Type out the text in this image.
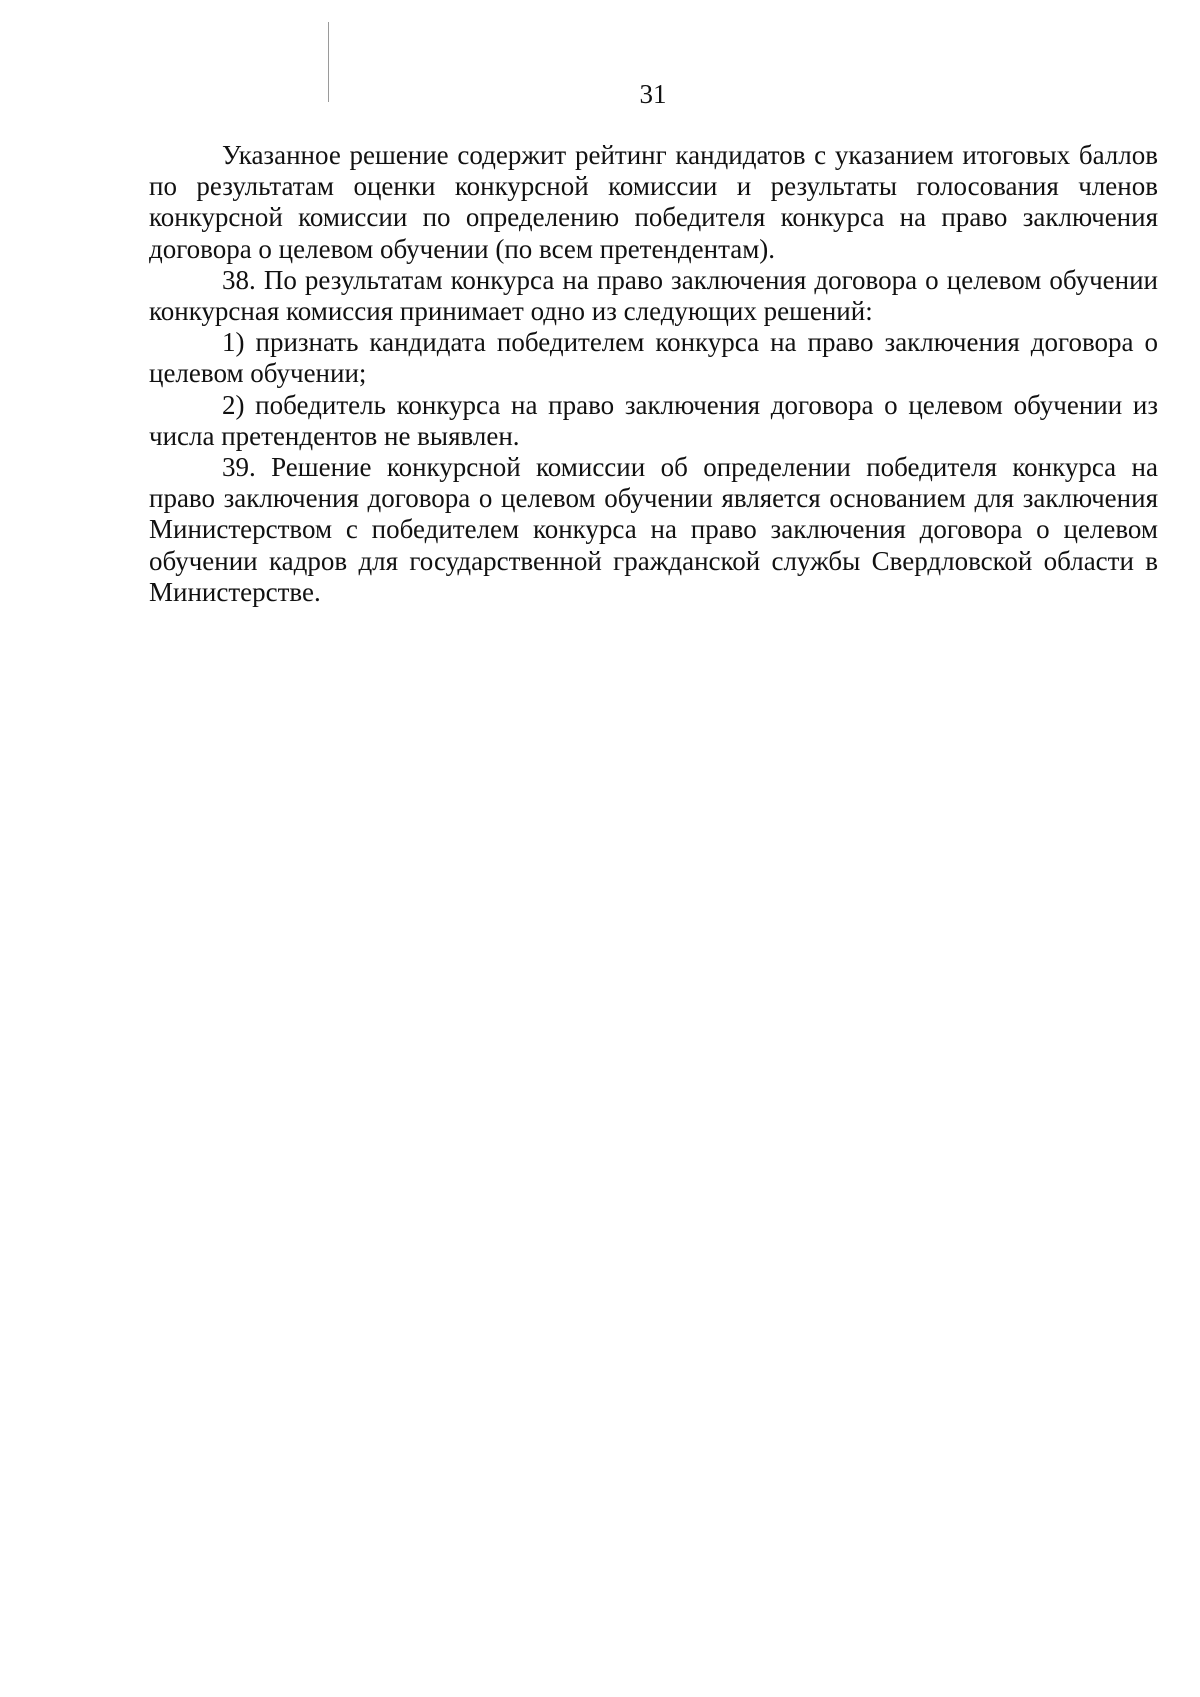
31

Указанное решение содержит рейтинг кандидатов с указанием итоговых баллов по результатам оценки конкурсной комиссии и результаты голосования членов конкурсной комиссии по определению победителя конкурса на право заключения договора о целевом обучении (по всем претендентам).

38. По результатам конкурса на право заключения договора о целевом обучении конкурсная комиссия принимает одно из следующих решений:

1) признать кандидата победителем конкурса на право заключения договора о целевом обучении;

2) победитель конкурса на право заключения договора о целевом обучении из числа претендентов не выявлен.

39. Решение конкурсной комиссии об определении победителя конкурса на право заключения договора о целевом обучении является основанием для заключения Министерством с победителем конкурса на право заключения договора о целевом обучении кадров для государственной гражданской службы Свердловской области в Министерстве.
